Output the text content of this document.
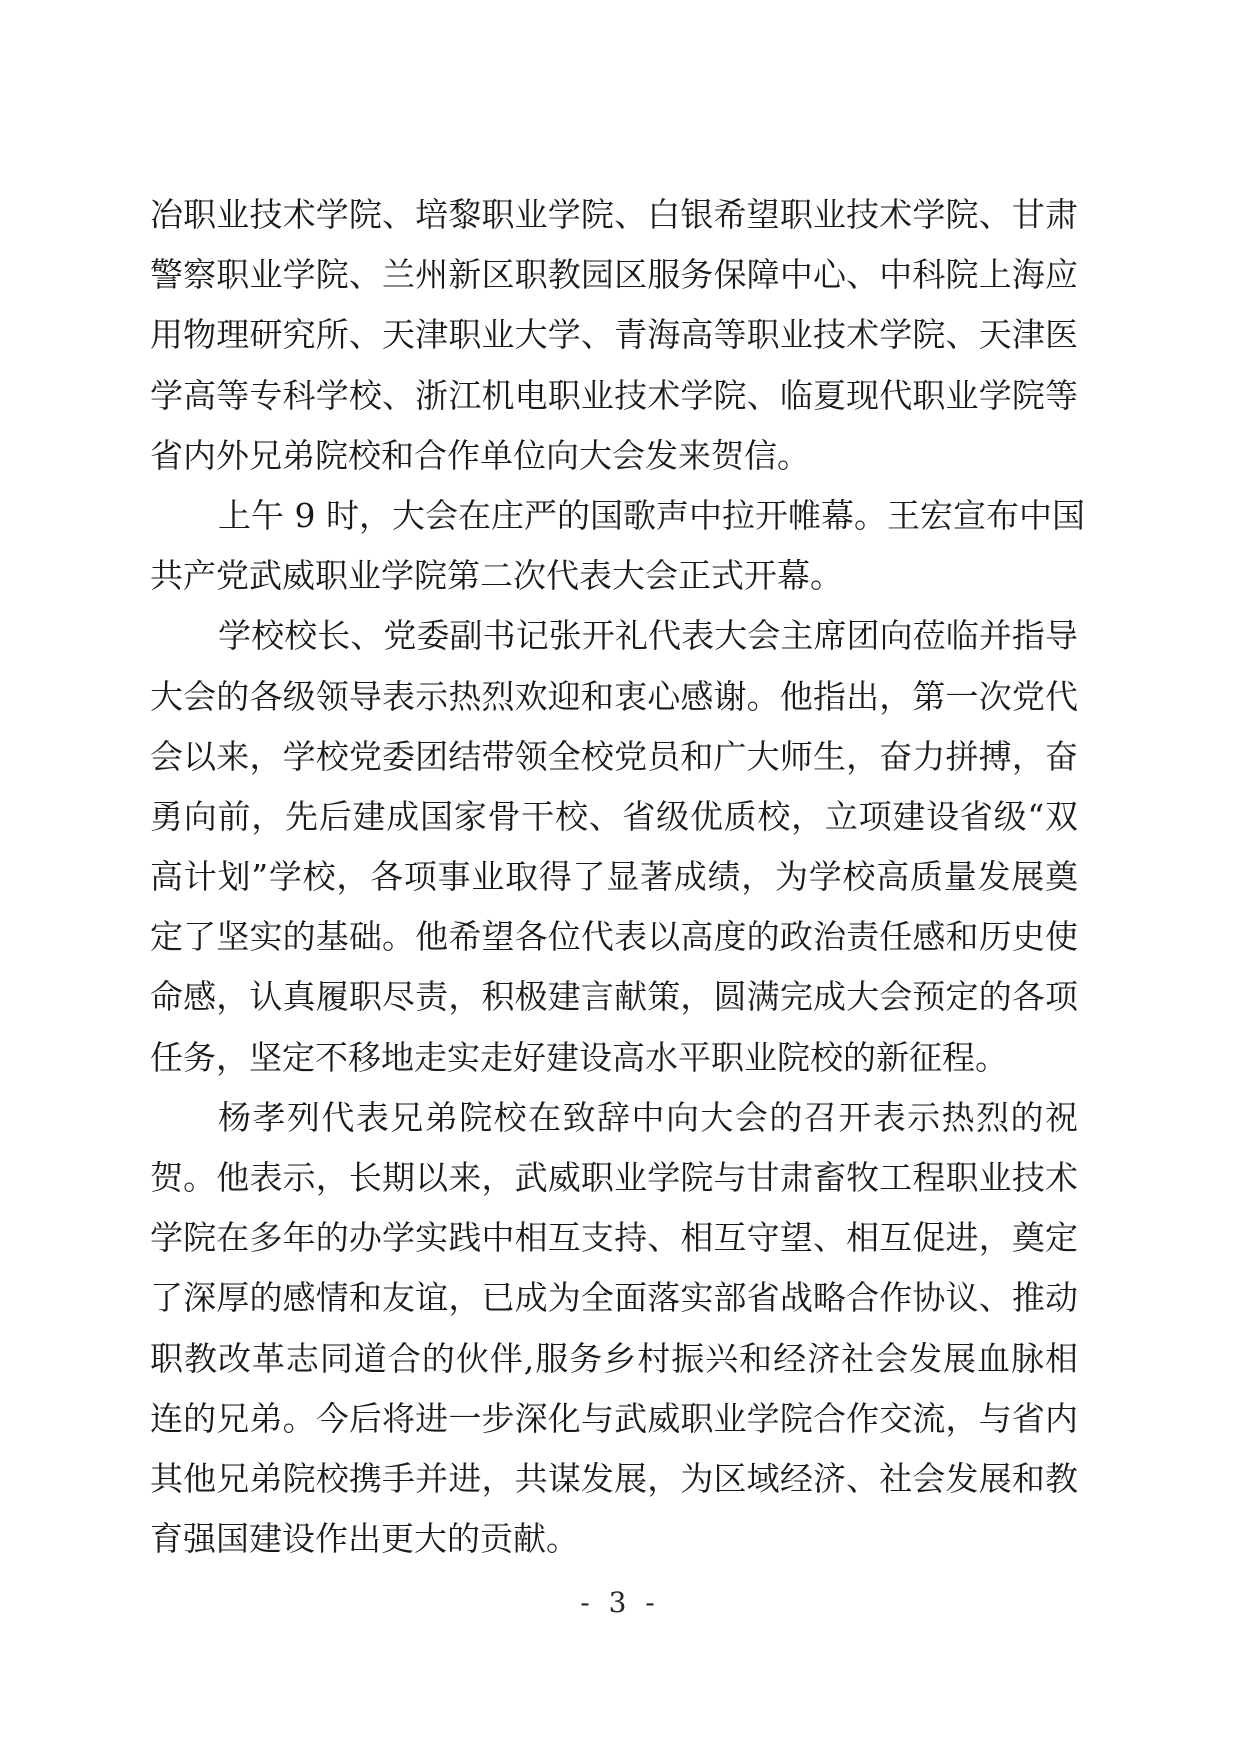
冶职业技术学院、培黎职业学院、白银希望职业技术学院、甘肃
警察职业学院、兰州新区职教园区服务保障中心、中科院上海应
用物理研究所、天津职业大学、青海高等职业技术学院、天津医
学高等专科学校、浙江机电职业技术学院、临夏现代职业学院等
省内外兄弟院校和合作单位向大会发来贺信。
上午 9 时，大会在庄严的国歌声中拉开帷幕。王宏宣布中国
共产党武威职业学院第二次代表大会正式开幕。
学校校长、党委副书记张开礼代表大会主席团向莅临并指导
大会的各级领导表示热烈欢迎和衷心感谢。他指出，第一次党代
会以来，学校党委团结带领全校党员和广大师生，奋力拼搏，奋
勇向前，先后建成国家骨干校、省级优质校，立项建设省级“双
高计划”学校，各项事业取得了显著成绩，为学校高质量发展奠
定了坚实的基础。他希望各位代表以高度的政治责任感和历史使
命感，认真履职尽责，积极建言献策，圆满完成大会预定的各项
任务，坚定不移地走实走好建设高水平职业院校的新征程。
杨孝列代表兄弟院校在致辞中向大会的召开表示热烈的祝
贺。他表示，长期以来，武威职业学院与甘肃畜牧工程职业技术
学院在多年的办学实践中相互支持、相互守望、相互促进，奠定
了深厚的感情和友谊，已成为全面落实部省战略合作协议、推动
职教改革志同道合的伙伴,服务乡村振兴和经济社会发展血脉相
连的兄弟。今后将进一步深化与武威职业学院合作交流，与省内
其他兄弟院校携手并进，共谋发展，为区域经济、社会发展和教
育强国建设作出更大的贡献。
- 3 -
